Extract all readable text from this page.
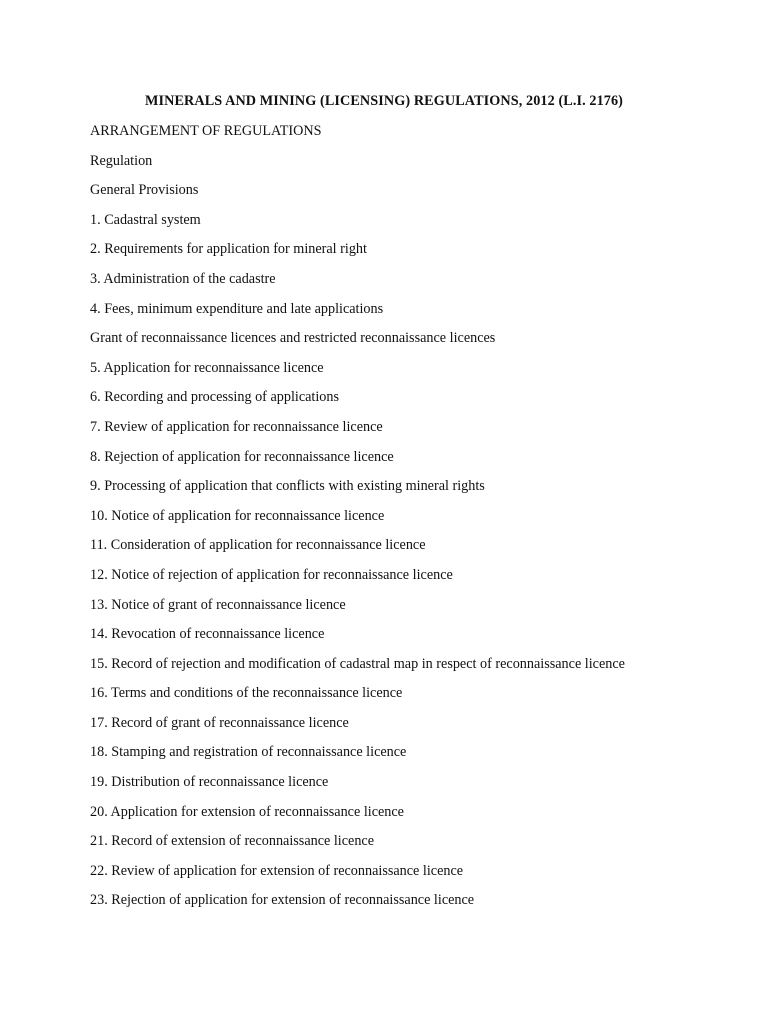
MINERALS AND MINING (LICENSING) REGULATIONS, 2012 (L.I. 2176)
ARRANGEMENT OF REGULATIONS
Regulation
General Provisions
1. Cadastral system
2. Requirements for application for mineral right
3. Administration of the cadastre
4. Fees, minimum expenditure and late applications
Grant of reconnaissance licences and restricted reconnaissance licences
5. Application for reconnaissance licence
6. Recording and processing of applications
7. Review of application for reconnaissance licence
8. Rejection of application for reconnaissance licence
9. Processing of application that conflicts with existing mineral rights
10. Notice of application for reconnaissance licence
11. Consideration of application for reconnaissance licence
12. Notice of rejection of application for reconnaissance licence
13. Notice of grant of reconnaissance licence
14. Revocation of reconnaissance licence
15. Record of rejection and modification of cadastral map in respect of reconnaissance licence
16. Terms and conditions of the reconnaissance licence
17. Record of grant of reconnaissance licence
18. Stamping and registration of reconnaissance licence
19. Distribution of reconnaissance licence
20. Application for extension of reconnaissance licence
21. Record of extension of reconnaissance licence
22. Review of application for extension of reconnaissance licence
23. Rejection of application for extension of reconnaissance licence
